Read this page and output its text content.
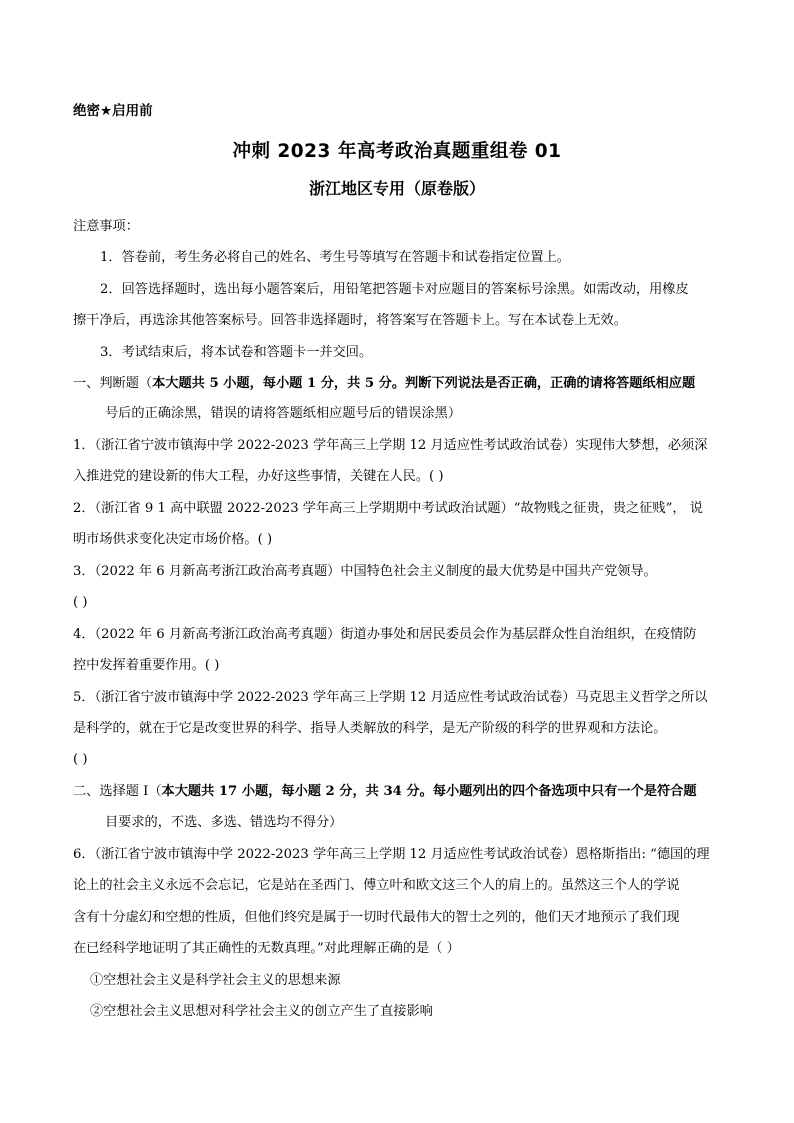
绝密★启用前
冲刺 2023 年高考政治真题重组卷 01
浙江地区专用（原卷版）
注意事项：
1．答卷前，考生务必将自己的姓名、考生号等填写在答题卡和试卷指定位置上。
2．回答选择题时，选出每小题答案后，用铅笔把答题卡对应题目的答案标号涂黑。如需改动，用橡皮
擦干净后，再选涂其他答案标号。回答非选择题时，将答案写在答题卡上。写在本试卷上无效。
3．考试结束后，将本试卷和答题卡一并交回。
一、判断题（本大题共 5 小题，每小题 1 分，共 5 分。判断下列说法是否正确，正确的请将答题纸相应题
号后的正确涂黑，错误的请将答题纸相应题号后的错误涂黑）
1．（浙江省宁波市镇海中学 2022-2023 学年高三上学期 12 月适应性考试政治试卷）实现伟大梦想，必须深
入推进党的建设新的伟大工程，办好这些事情，关键在人民。( )
2．（浙江省 9 1 高中联盟 2022-2023 学年高三上学期期中考试政治试题）“故物贱之征贵，贵之征贱”， 说
明市场供求变化决定市场价格。( )
3．（2022 年 6 月新高考浙江政治高考真题）中国特色社会主义制度的最大优势是中国共产党领导。
( )
4．（2022 年 6 月新高考浙江政治高考真题）街道办事处和居民委员会作为基层群众性自治组织，在疫情防
控中发挥着重要作用。( )
5．（浙江省宁波市镇海中学 2022-2023 学年高三上学期 12 月适应性考试政治试卷）马克思主义哲学之所以
是科学的，就在于它是改变世界的科学、指导人类解放的科学，是无产阶级的科学的世界观和方法论。
( )
二、选择题 I（本大题共 17 小题，每小题 2 分，共 34 分。每小题列出的四个备选项中只有一个是符合题
目要求的，不选、多选、错选均不得分）
6．（浙江省宁波市镇海中学 2022-2023 学年高三上学期 12 月适应性考试政治试卷）恩格斯指出: “德国的理
论上的社会主义永远不会忘记，它是站在圣西门、傅立叶和欧文这三个人的肩上的。虽然这三个人的学说
含有十分虚幻和空想的性质，但他们终究是属于一切时代最伟大的智士之列的，他们天才地预示了我们现
在已经科学地证明了其正确性的无数真理。”对此理解正确的是（ ）
①空想社会主义是科学社会主义的思想来源
②空想社会主义思想对科学社会主义的创立产生了直接影响
